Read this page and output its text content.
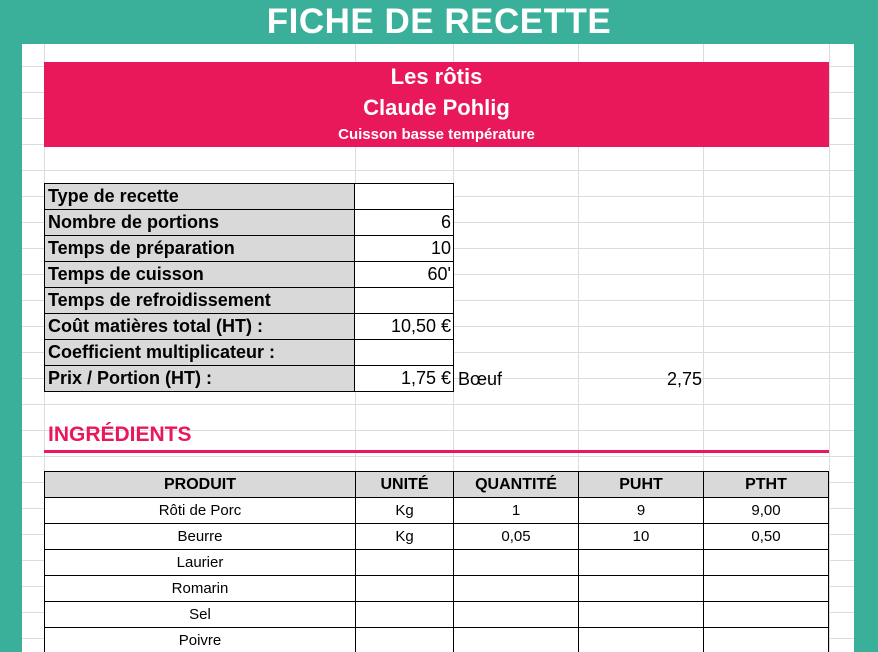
FICHE DE RECETTE
Les rôtis
Claude Pohlig
Cuisson basse température
Type de recette	
Nombre de portions	6
Temps de préparation	10
Temps de cuisson	60'
Temps de refroidissement	
Coût matières total (HT) :	10,50 €
Coefficient multiplicateur :	
Prix / Portion (HT) :	1,75 € Bœuf	2,75
INGRÉDIENTS
PRODUIT	UNITÉ	QUANTITÉ	PUHT	PTHT
Rôti de Porc	Kg	1	9	9,00
Beurre	Kg	0,05	10	0,50
Laurier				
Romarin				
Sel				
Poivre				
